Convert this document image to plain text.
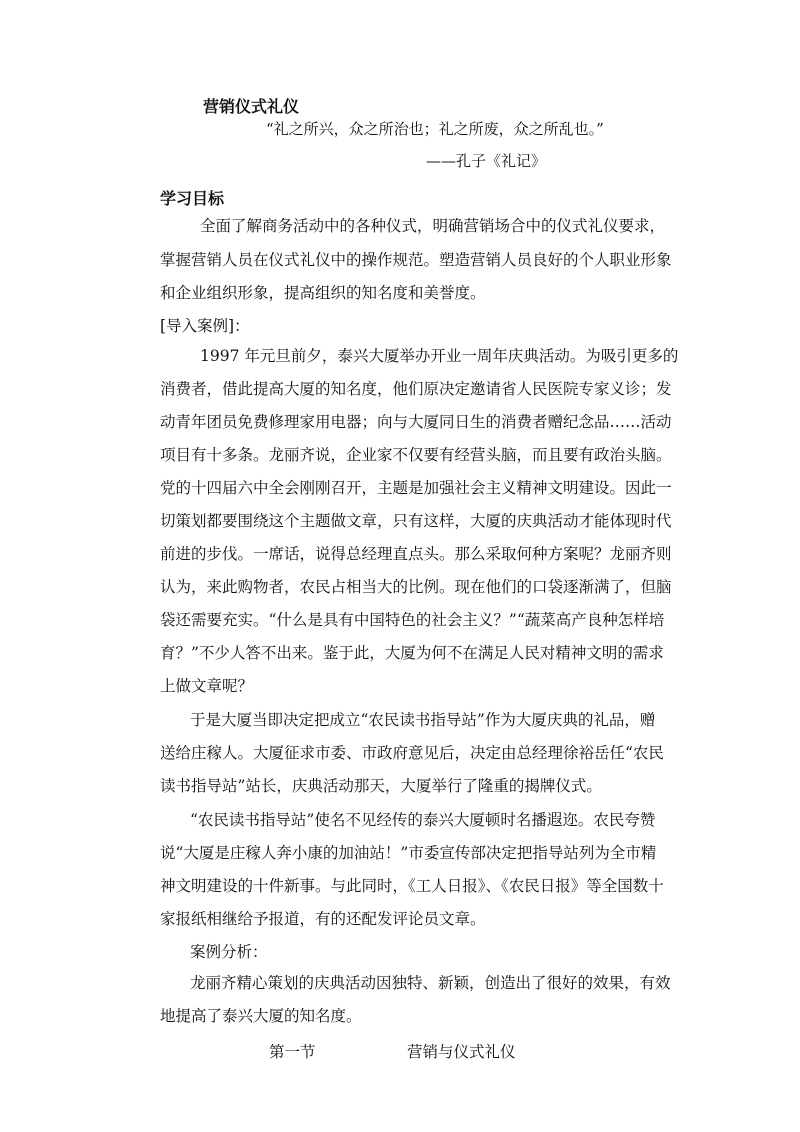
营销仪式礼仪
“礼之所兴，众之所治也；礼之所废，众之所乱也。”
——孔子《礼记》
学习目标
全面了解商务活动中的各种仪式，明确营销场合中的仪式礼仪要求，
掌握营销人员在仪式礼仪中的操作规范。塑造营销人员良好的个人职业形象
和企业组织形象，提高组织的知名度和美誉度。
[导入案例]：
1997 年元旦前夕，泰兴大厦举办开业一周年庆典活动。为吸引更多的
消费者，借此提高大厦的知名度，他们原决定邀请省人民医院专家义诊；发
动青年团员免费修理家用电器；向与大厦同日生的消费者赠纪念品……活动
项目有十多条。龙丽齐说，企业家不仅要有经营头脑，而且要有政治头脑。
党的十四届六中全会刚刚召开，主题是加强社会主义精神文明建设。因此一
切策划都要围绕这个主题做文章，只有这样，大厦的庆典活动才能体现时代
前进的步伐。一席话，说得总经理直点头。那么采取何种方案呢？龙丽齐则
认为，来此购物者，农民占相当大的比例。现在他们的口袋逐渐满了，但脑
袋还需要充实。“什么是具有中国特色的社会主义？”“蔬菜高产良种怎样培
育？”不少人答不出来。鉴于此，大厦为何不在满足人民对精神文明的需求
上做文章呢？
于是大厦当即决定把成立“农民读书指导站”作为大厦庆典的礼品，赠
送给庄稼人。大厦征求市委、市政府意见后，决定由总经理徐裕岳任“农民
读书指导站”站长，庆典活动那天，大厦举行了隆重的揭牌仪式。
“农民读书指导站”使名不见经传的泰兴大厦顿时名播遐迩。农民夸赞
说“大厦是庄稼人奔小康的加油站！”市委宣传部决定把指导站列为全市精
神文明建设的十件新事。与此同时，《工人日报》、《农民日报》等全国数十
家报纸相继给予报道，有的还配发评论员文章。
案例分析：
龙丽齐精心策划的庆典活动因独特、新颖，创造出了很好的效果，有效
地提高了泰兴大厦的知名度。
第一节	营销与仪式礼仪
